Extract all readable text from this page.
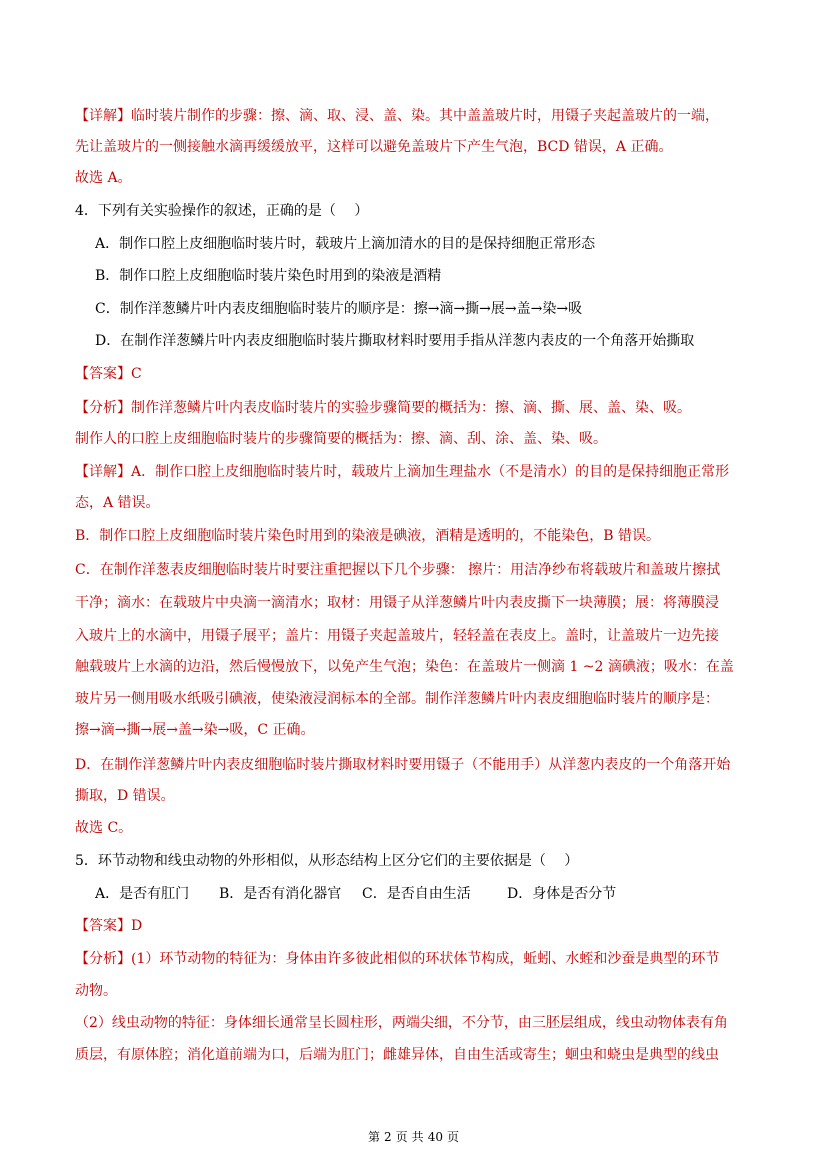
【详解】临时装片制作的步骤：擦、滴、取、浸、盖、染。其中盖盖玻片时，用镊子夹起盖玻片的一端，
先让盖玻片的一侧接触水滴再缓缓放平，这样可以避免盖玻片下产生气泡，BCD 错误，A 正确。
故选 A。
4．下列有关实验操作的叙述，正确的是（　 ）
A．制作口腔上皮细胞临时装片时，载玻片上滴加清水的目的是保持细胞正常形态
B．制作口腔上皮细胞临时装片染色时用到的染液是酒精
C．制作洋葱鳞片叶内表皮细胞临时装片的顺序是：擦→滴→撕→展→盖→染→吸
D．在制作洋葱鳞片叶内表皮细胞临时装片撕取材料时要用手指从洋葱内表皮的一个角落开始撕取
【答案】C
【分析】制作洋葱鳞片叶内表皮临时装片的实验步骤简要的概括为：擦、滴、撕、展、盖、染、吸。
制作人的口腔上皮细胞临时装片的步骤简要的概括为：擦、滴、刮、涂、盖、染、吸。
【详解】A．制作口腔上皮细胞临时装片时，载玻片上滴加生理盐水（不是清水）的目的是保持细胞正常形
态，A 错误。
B．制作口腔上皮细胞临时装片染色时用到的染液是碘液，酒精是透明的，不能染色，B 错误。
C．在制作洋葱表皮细胞临时装片时要注重把握以下几个步骤： 擦片：用洁净纱布将载玻片和盖玻片擦拭
干净；滴水：在载玻片中央滴一滴清水；取材：用镊子从洋葱鳞片叶内表皮撕下一块薄膜；展：将薄膜浸
入玻片上的水滴中，用镊子展平；盖片：用镊子夹起盖玻片，轻轻盖在表皮上。盖时，让盖玻片一边先接
触载玻片上水滴的边沿，然后慢慢放下，以免产生气泡；染色：在盖玻片一侧滴 1 ~2 滴碘液；吸水：在盖
玻片另一侧用吸水纸吸引碘液，使染液浸润标本的全部。制作洋葱鳞片叶内表皮细胞临时装片的顺序是：
擦→滴→撕→展→盖→染→吸，C 正确。
D．在制作洋葱鳞片叶内表皮细胞临时装片撕取材料时要用镊子（不能用手）从洋葱内表皮的一个角落开始
撕取，D 错误。
故选 C。
5．环节动物和线虫动物的外形相似，从形态结构上区分它们的主要依据是（　 ）
A．是否有肛门 B．是否有消化器官 C．是否自由生活	D．身体是否分节
【答案】D
【分析】(1）环节动物的特征为：身体由许多彼此相似的环状体节构成，蚯蚓、水蛭和沙蚕是典型的环节
动物。
（2）线虫动物的特征：身体细长通常呈长圆柱形，两端尖细，不分节，由三胚层组成，线虫动物体表有角
质层，有原体腔；消化道前端为口，后端为肛门；雌雄异体，自由生活或寄生；蛔虫和蛲虫是典型的线虫
第 2 页 共 40 页
